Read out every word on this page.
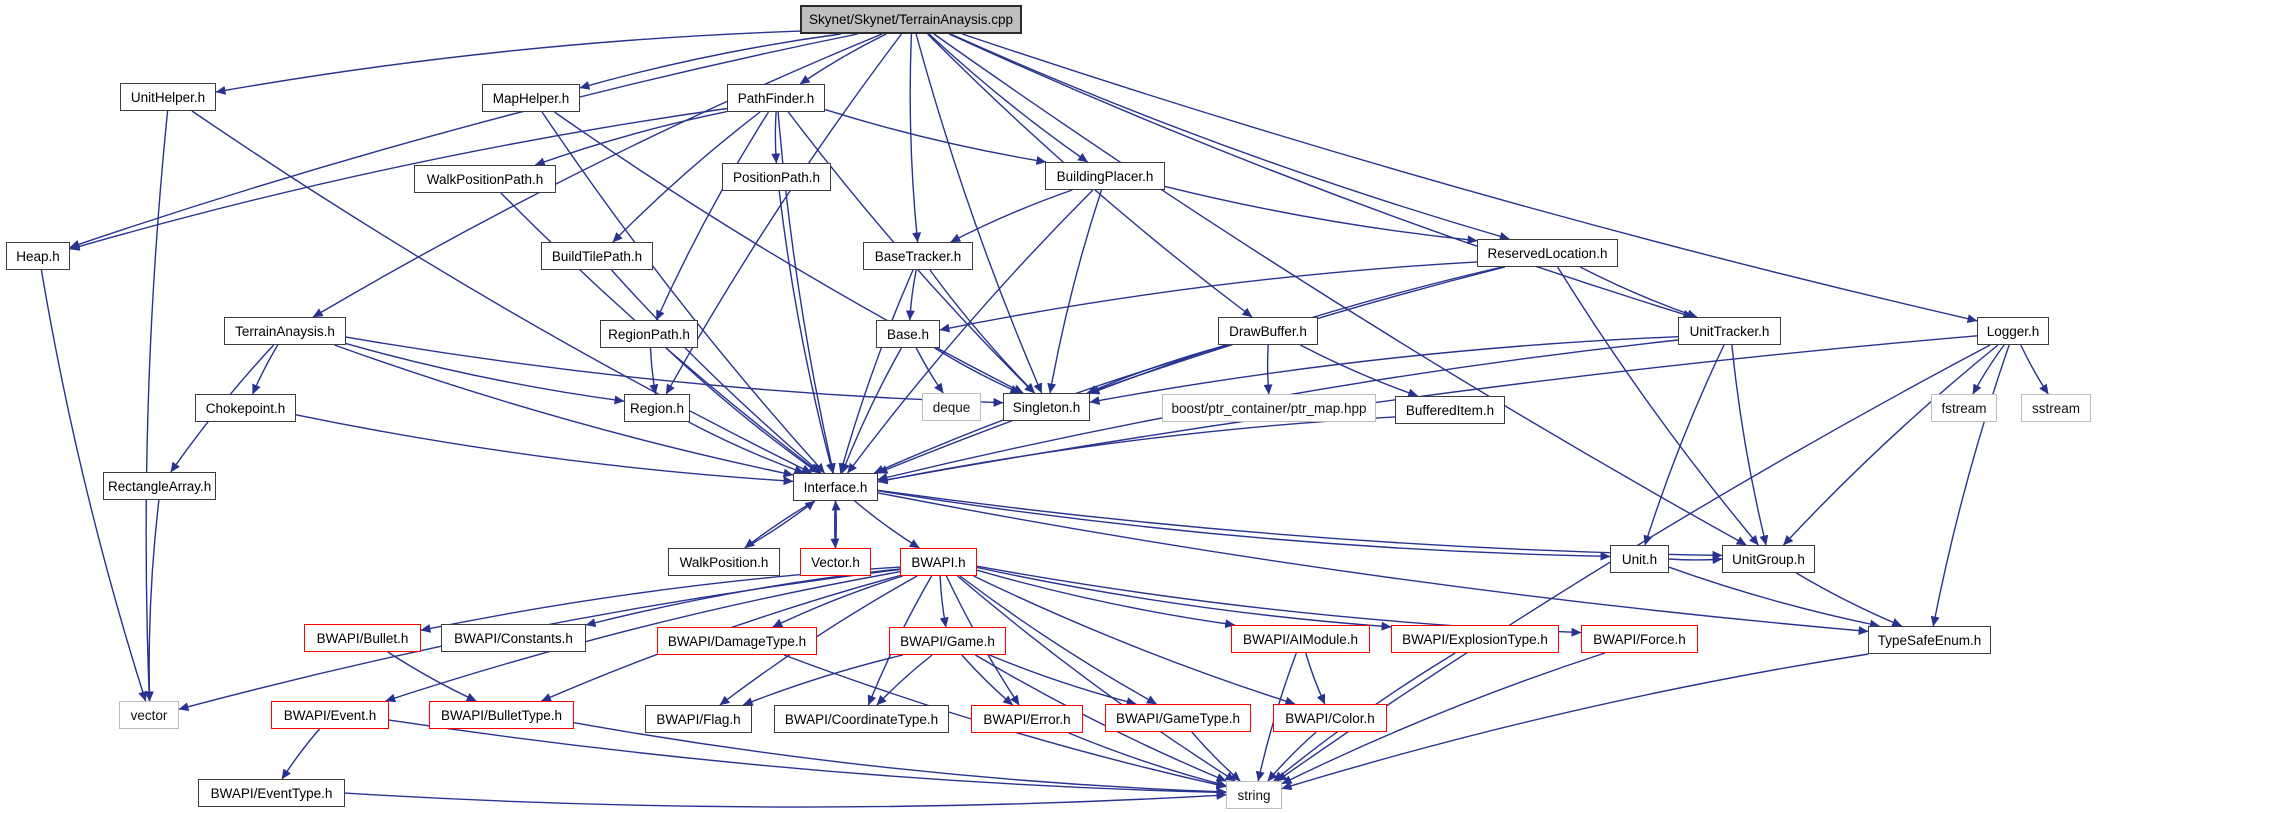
Skynet/Skynet/TerrainAnaysis.cpp
UnitHelper.h	MapHelper.h	PathFinder.h
WalkPositionPath.h	PositionPath.h	BuildingPlacer.h
Heap.h	BuildTilePath.h	BaseTracker.h	ReservedLocation.h
TerrainAnaysis.h	RegionPath.h	Base.h	DrawBuffer.h	UnitTracker.h	Logger.h
Chokepoint.h	Region.h	deque	Singleton.h	boost/ptr_container/ptr_map.hpp	BufferedItem.h	fstream	sstream
RectangleArray.h	Interface.h
WalkPosition.h	Vector.h	BWAPI.h	Unit.h	UnitGroup.h
BWAPI/Bullet.h	BWAPI/Constants.h	BWAPI/DamageType.h	BWAPI/Game.h	BWAPI/AIModule.h	BWAPI/ExplosionType.h	BWAPI/Force.h	TypeSafeEnum.h
vector	BWAPI/Event.h	BWAPI/BulletType.h	BWAPI/Flag.h	BWAPI/CoordinateType.h	BWAPI/Error.h	BWAPI/GameType.h	BWAPI/Color.h
BWAPI/EventType.h	string
